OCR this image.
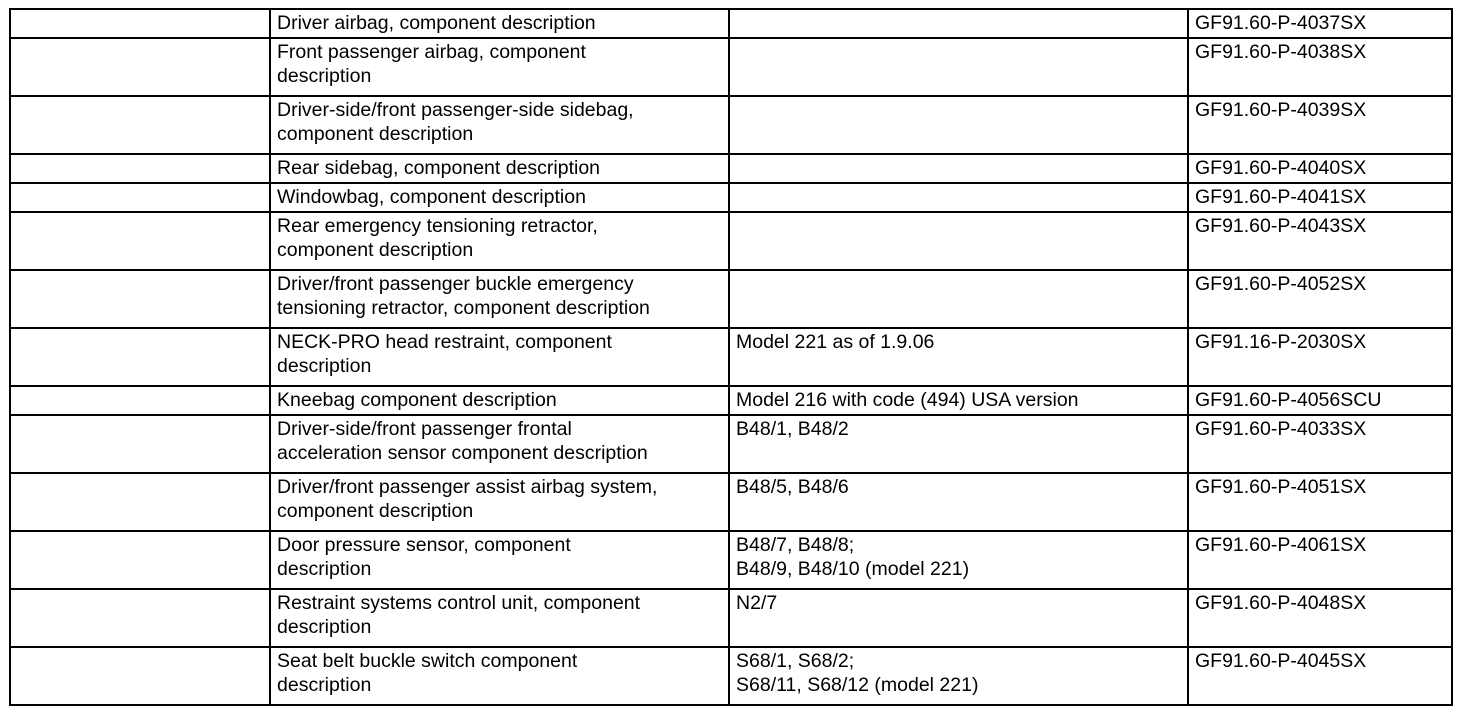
	Driver airbag, component description		GF91.60-P-4037SX
	Front passenger airbag, component
description		GF91.60-P-4038SX
	Driver-side/front passenger-side sidebag,
component description		GF91.60-P-4039SX
	Rear sidebag, component description		GF91.60-P-4040SX
	Windowbag, component description		GF91.60-P-4041SX
	Rear emergency tensioning retractor,
component description		GF91.60-P-4043SX
	Driver/front passenger buckle emergency
tensioning retractor, component description		GF91.60-P-4052SX
	NECK-PRO head restraint, component
description	Model 221 as of 1.9.06	GF91.16-P-2030SX
	Kneebag component description	Model 216 with code (494) USA version	GF91.60-P-4056SCU
	Driver-side/front passenger frontal
acceleration sensor component description	B48/1, B48/2	GF91.60-P-4033SX
	Driver/front passenger assist airbag system,
component description	B48/5, B48/6	GF91.60-P-4051SX
	Door pressure sensor, component
description	B48/7, B48/8;
B48/9, B48/10 (model 221)	GF91.60-P-4061SX
	Restraint systems control unit, component
description	N2/7	GF91.60-P-4048SX
	Seat belt buckle switch component
description	S68/1, S68/2;
S68/11, S68/12 (model 221)	GF91.60-P-4045SX
